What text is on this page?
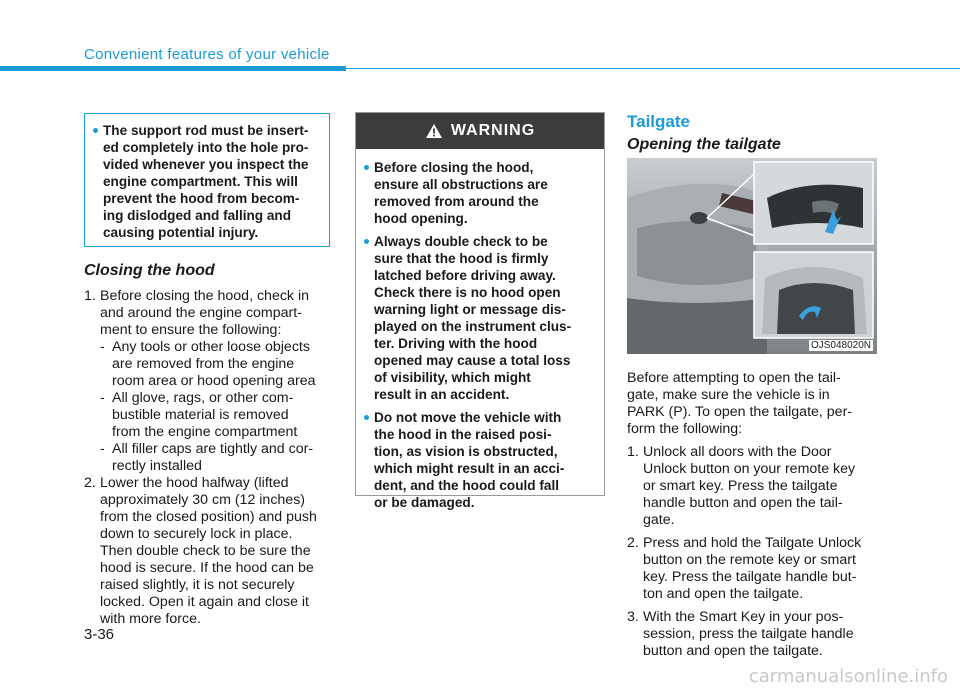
Convenient features of your vehicle
The support rod must be insert-
ed completely into the hole pro-
vided whenever you inspect the
engine compartment. This will
prevent the hood from becom-
ing dislodged and falling and
causing potential injury.
Closing the hood
1. Before closing the hood, check in
and around the engine compart-
ment to ensure the following:
- Any tools or other loose objects
are removed from the engine
room area or hood opening area
- All glove, rags, or other com-
bustible material is removed
from the engine compartment
- All filler caps are tightly and cor-
rectly installed
2. Lower the hood halfway (lifted
approximately 30 cm (12 inches)
from the closed position) and push
down to securely lock in place.
Then double check to be sure the
hood is secure. If the hood can be
raised slightly, it is not securely
locked. Open it again and close it
with more force.
WARNING
Before closing the hood,
ensure all obstructions are
removed from around the
hood opening.
Always double check to be
sure that the hood is firmly
latched before driving away.
Check there is no hood open
warning light or message dis-
played on the instrument clus-
ter. Driving with the hood
opened may cause a total loss
of visibility, which might
result in an accident.
Do not move the vehicle with
the hood in the raised posi-
tion, as vision is obstructed,
which might result in an acci-
dent, and the hood could fall
or be damaged.
Tailgate
Opening the tailgate
OJS048020N
Before attempting to open the tail-
gate, make sure the vehicle is in
PARK (P). To open the tailgate, per-
form the following:
1. Unlock all doors with the Door
Unlock button on your remote key
or smart key. Press the tailgate
handle button and open the tail-
gate.
2. Press and hold the Tailgate Unlock
button on the remote key or smart
key. Press the tailgate handle but-
ton and open the tailgate.
3. With the Smart Key in your pos-
session, press the tailgate handle
button and open the tailgate.
3-36
carmanualsonline.info
